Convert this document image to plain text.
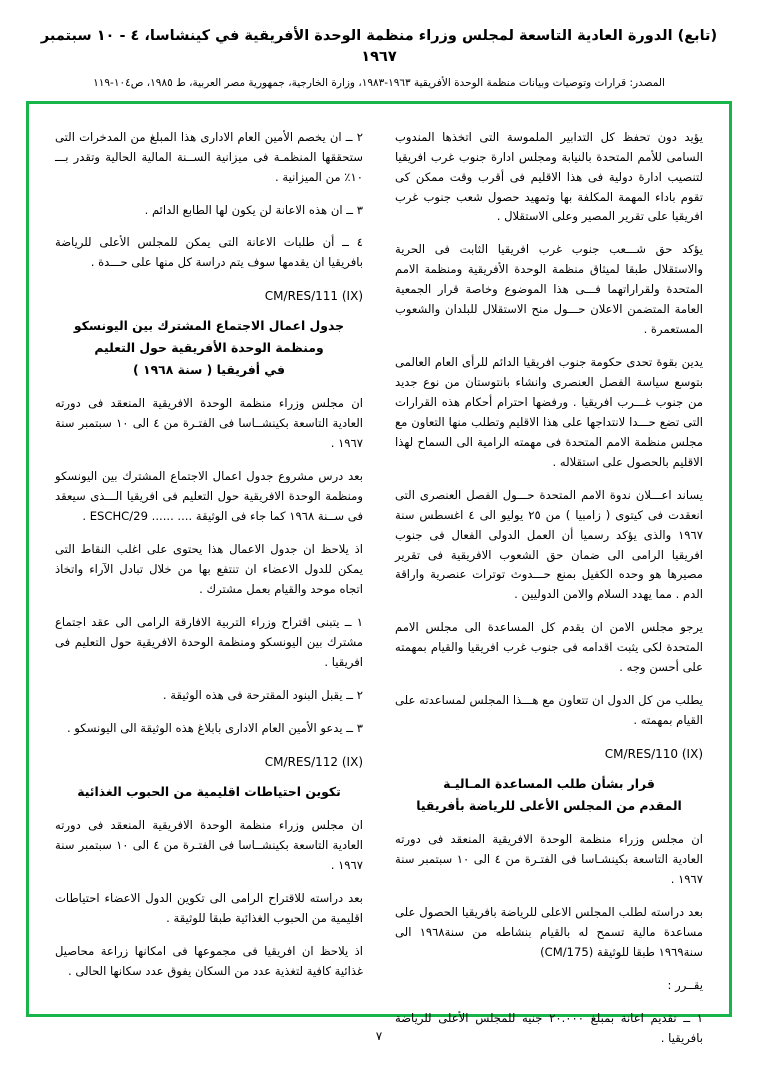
(تابع) الدورة العادية التاسعة لمجلس وزراء منظمة الوحدة الأفريقية في كينشاسا، ٤ - ١٠ سبتمبر ١٩٦٧
المصدر: قرارات وتوصيات وبيانات منظمة الوحدة الأفريقية ١٩٦٣-١٩٨٣، وزارة الخارجية، جمهورية مصر العربية، ط ١٩٨٥، ص١٠٤-١١٩

يؤيد دون تحفظ كل التدابير الملموسة التى اتخذها المندوب السامى للأمم المتحدة بالنيابة ومجلس ادارة جنوب غرب افريقيا لتنصيب ادارة دولية فى هذا الاقليم فى أقرب وقت ممكن كى تقوم باداء المهمة المكلفة بها وتمهيد حصول شعب جنوب غرب افريقيا على تقرير المصير وعلى الاستقلال .

يؤكد حق شـــعب جنوب غرب افريقيا الثابت فى الحرية والاستقلال طبقا لميثاق منظمة الوحدة الأفريقية ومنظمة الامم المتحدة ولقراراتهما فـــى هذا الموضوع وخاصة قرار الجمعية العامة المتضمن الاعلان حـــول منح الاستقلال للبلدان والشعوب المستعمرة .

يدين بقوة تحدى حكومة جنوب افريقيا الدائم للرأى العام العالمى بتوسع سياسة الفصل العنصرى وانشاء بانتوستان من نوع جديد من جنوب غـــرب افريقيا . ورفضها احترام أحكام هذه القرارات التى تضع حـــدا لانتداجها على هذا الاقليم وتطلب منها التعاون مع مجلس منظمة الامم المتحدة فى مهمته الرامية الى السماح لهذا الاقليم بالحصول على استقلاله .

يساند اعـــلان ندوة الامم المتحدة حـــول الفصل العنصرى التى انعقدت فى كيتوى ( زامبيا ) من ٢٥ يوليو الى ٤ اغسطس سنة ١٩٦٧ والذى يؤكد رسميا أن العمل الدولى الفعال فى جنوب افريقيا الرامى الى ضمان حق الشعوب الافريقية فى تقرير مصيرها هو وحده الكفيل بمنع حـــدوث توترات عنصرية واراقة الدم . مما يهدد السلام والامن الدوليين .

يرجو مجلس الامن ان يقدم كل المساعدة الى مجلس الامم المتحدة لكى يثبت اقدامه فى جنوب غرب افريقيا والقيام بمهمته على أحسن وجه .

يطلب من كل الدول ان تتعاون مع هـــذا المجلس لمساعدته على القيام بمهمته .

CM/RES/110 (IX)
قرار بشأن طلب المساعدة المـاليـة
المقدم من المجلس الأعلى للرياضة بأفريقيا

ان مجلس وزراء منظمة الوحدة الافريقية المنعقد فى دورته العادية التاسعة بكينشـاسا فى الفتـرة من ٤ الى ١٠ سبتمبر سنة ١٩٦٧ .

بعد دراسته لطلب المجلس الاعلى للرياضة بافريقيا الحصول على مساعدة مالية تسمح له بالقيام بنشاطه من سنة١٩٦٨ الى سنة١٩٦٩ طبقا للوثيقة (CM/175)

يقــرر :

١ ــ تقديم اعانة بمبلغ ٢٠.٠٠٠ جنيه للمجلس الأعلى للرياضة بافريقيا .

٢ ــ ان يخصم الأمين العام الادارى هذا المبلغ من المدخرات التى ستحققها المنظمـة فى ميزانية الســنة المالية الحالية وتقدر بـــ ١٠٪ من الميزانية .

٣ ــ ان هذه الاعانة لن يكون لها الطابع الدائم .

٤ ــ أن طلبات الاعانة التى يمكن للمجلس الأعلى للرياضة بافريقيا ان يقدمها سوف يتم دراسة كل منها على حـــدة .

CM/RES/111 (IX)
جدول اعمال الاجتماع المشترك بين اليونسكو
ومنظمة الوحدة الأفريقية حول التعليم
في أفريقيا ( سنة ١٩٦٨ )

ان مجلس وزراء منظمة الوحدة الافريقية المنعقد فى دورته العادية التاسعة بكينشــاسا فى الفتـرة من ٤ الى ١٠ سبتمبر سنة ١٩٦٧ .

بعد درس مشروع جدول اعمال الاجتماع المشترك بين اليونسكو ومنظمة الوحدة الافريقية حول التعليم فى افريقيا الـــذى سيعقد فى ســنة ١٩٦٨ كما جاء فى الوثيقة .... ...... ESCHC/29 .

اذ يلاحظ ان جدول الاعمال هذا يحتوى على اغلب النقاط التى يمكن للدول الاعضاء ان تنتفع بها من خلال تبادل الآراء واتخاذ اتجاه موحد والقيام بعمل مشترك .

١ ــ يتبنى اقتراح وزراء التربية الافارقة الرامى الى عقد اجتماع مشترك بين اليونسكو ومنظمة الوحدة الافريقية حول التعليم فى افريقيا .

٢ ــ يقبل البنود المقترحة فى هذه الوثيقة .

٣ ــ يدعو الأمين العام الادارى بابلاغ هذه الوثيقة الى اليونسكو .

CM/RES/112 (IX)
تكوين احتياطات اقليمية من الحبوب الغذائية

ان مجلس وزراء منظمة الوحدة الافريقية المنعقد فى دورته العادية التاسعة بكينشــاسا فى الفتـرة من ٤ الى ١٠ سبتمبر سنة ١٩٦٧ .

بعد دراسته للاقتراح الرامى الى تكوين الدول الاعضاء احتياطات اقليمية من الحبوب الغذائية طبقا للوثيقة .

اذ يلاحظ ان افريقيا فى مجموعها فى امكانها زراعة محاصيل غذائية كافية لتغذية عدد من السكان يفوق عدد سكانها الحالى .

٧
